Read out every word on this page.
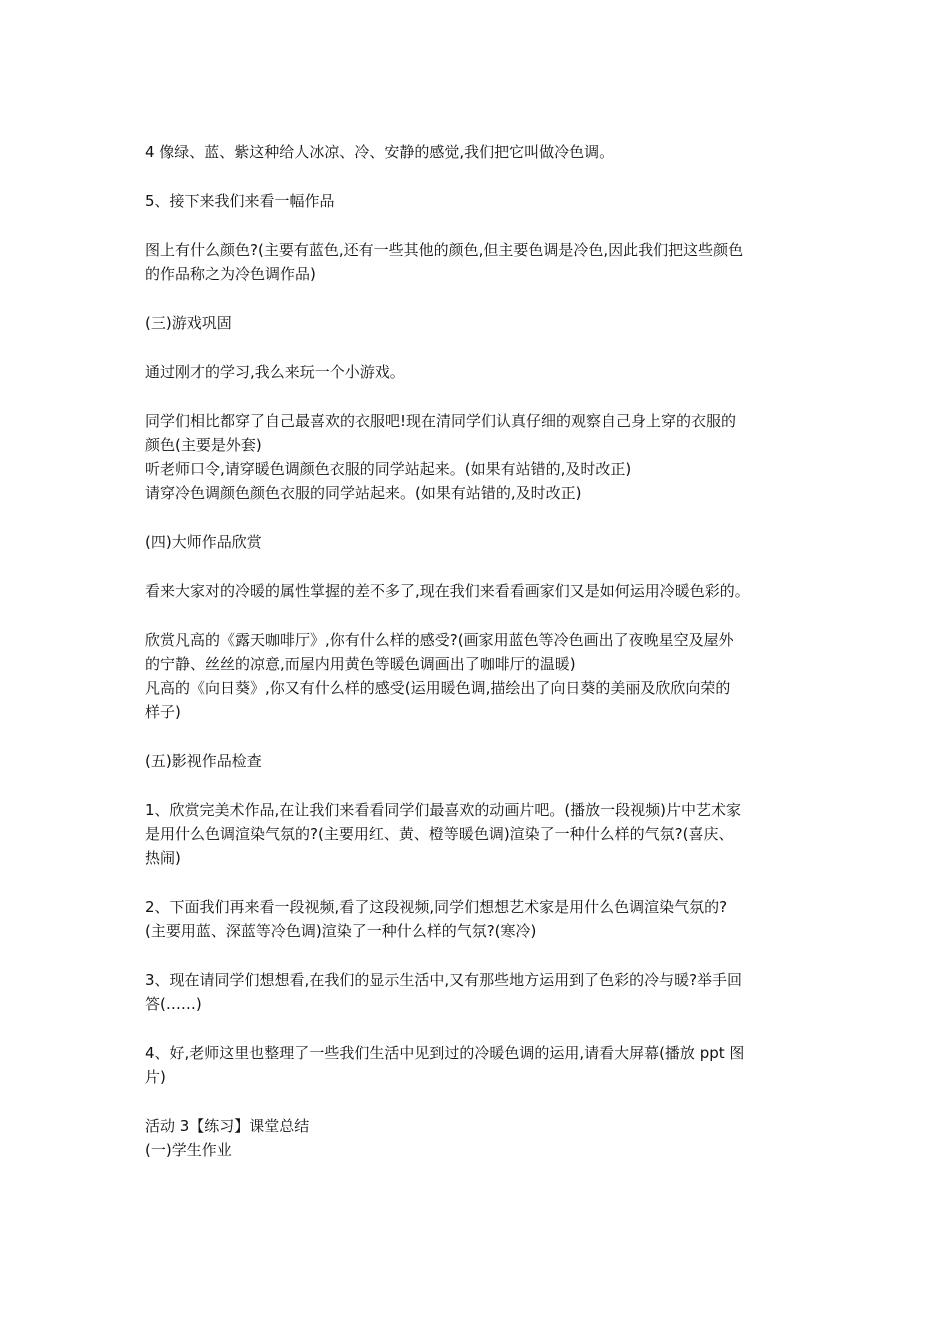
4 像绿、蓝、紫这种给人冰凉、冷、安静的感觉,我们把它叫做冷色调。
5、接下来我们来看一幅作品
图上有什么颜色?(主要有蓝色,还有一些其他的颜色,但主要色调是冷色,因此我们把这些颜色
的作品称之为冷色调作品)
(三)游戏巩固
通过刚才的学习,我么来玩一个小游戏。
同学们相比都穿了自己最喜欢的衣服吧!现在清同学们认真仔细的观察自己身上穿的衣服的
颜色(主要是外套)
听老师口令,请穿暖色调颜色衣服的同学站起来。(如果有站错的,及时改正)
请穿冷色调颜色颜色衣服的同学站起来。(如果有站错的,及时改正)
(四)大师作品欣赏
看来大家对的冷暖的属性掌握的差不多了,现在我们来看看画家们又是如何运用冷暖色彩的。
欣赏凡高的《露天咖啡厅》,你有什么样的感受?(画家用蓝色等冷色画出了夜晚星空及屋外
的宁静、丝丝的凉意,而屋内用黄色等暖色调画出了咖啡厅的温暖)
凡高的《向日葵》,你又有什么样的感受(运用暖色调,描绘出了向日葵的美丽及欣欣向荣的
样子)
(五)影视作品检查
1、欣赏完美术作品,在让我们来看看同学们最喜欢的动画片吧。(播放一段视频)片中艺术家
是用什么色调渲染气氛的?(主要用红、黄、橙等暖色调)渲染了一种什么样的气氛?(喜庆、
热闹)
2、下面我们再来看一段视频,看了这段视频,同学们想想艺术家是用什么色调渲染气氛的?
(主要用蓝、深蓝等冷色调)渲染了一种什么样的气氛?(寒冷)
3、现在请同学们想想看,在我们的显示生活中,又有那些地方运用到了色彩的冷与暖?举手回
答(……)
4、好,老师这里也整理了一些我们生活中见到过的冷暖色调的运用,请看大屏幕(播放 ppt 图
片)
活动 3【练习】课堂总结
(一)学生作业
